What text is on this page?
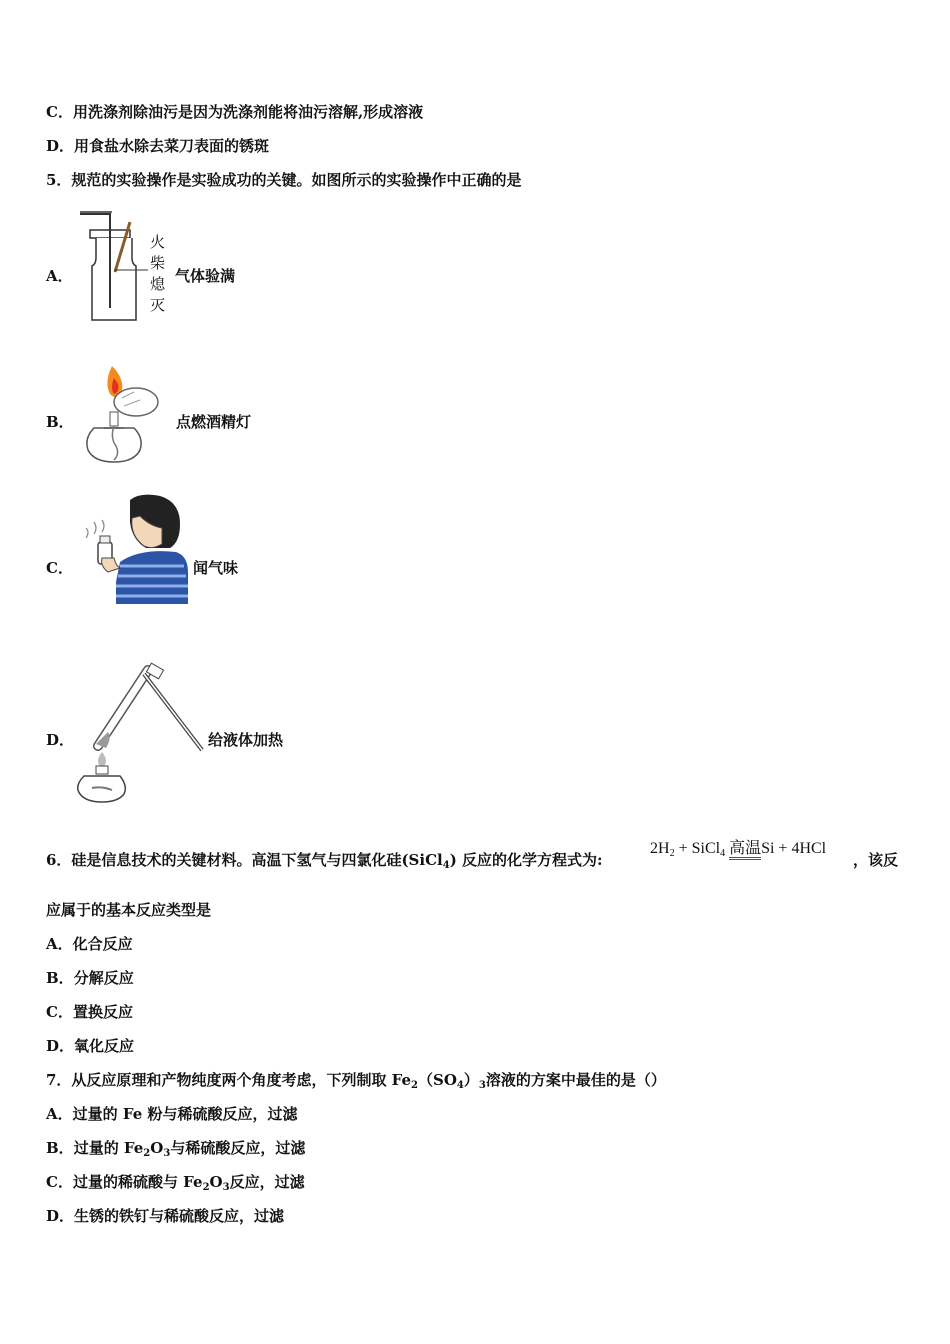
C．用洗涤剂除油污是因为洗涤剂能将油污溶解,形成溶液
D．用食盐水除去菜刀表面的锈斑
5．规范的实验操作是实验成功的关键。如图所示的实验操作中正确的是
A．
火
柴
熄
灭
气体验满
B．	点燃酒精灯
C．	闻气味
D．	给液体加热
6．硅是信息技术的关键材料。高温下氢气与四氯化硅(SiCl$_4$) 反应的化学方程式为:
$2H_2$ + SiCl$_4$ 高温Si + 4HCl
，该反
应属于的基本反应类型是
A．化合反应
B．分解反应
C．置换反应
D．氧化反应
7．从反应原理和产物纯度两个角度考虑，下列制取 $Fe_2(SO_4)_3$溶液的方案中最佳的是（）
A．过量的 Fe 粉与稀硫酸反应，过滤
B．过量的 $Fe_2O_3$与稀硫酸反应，过滤
C．过量的稀硫酸与 $Fe_2O_3$反应，过滤
D．生锈的铁钉与稀硫酸反应，过滤
